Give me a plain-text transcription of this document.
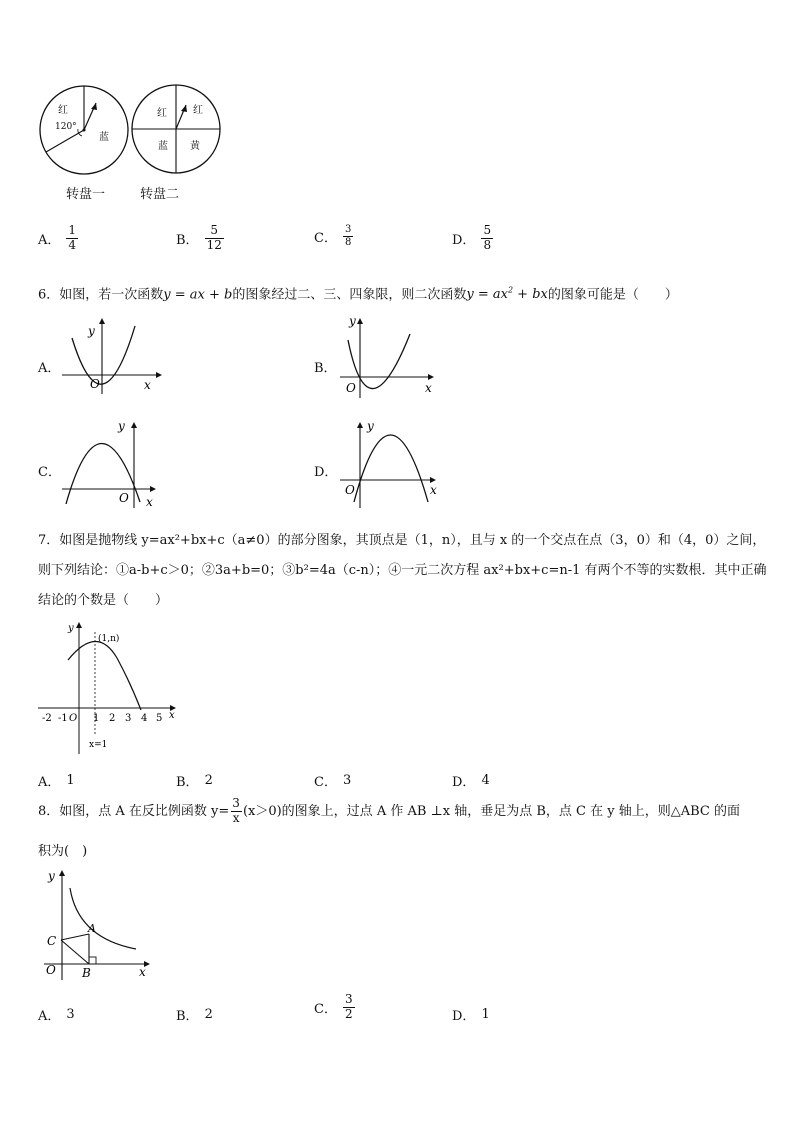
红
120°
蓝
转盘一
红	红
蓝 黄
转盘二
A． $\frac{1}{4}$	B． $\frac{5}{12}$	C． $\frac{3}{8}$	D． $\frac{5}{8}$
6．如图，若一次函数y = ax + b的图象经过二、三、四象限，则二次函数$y = ax^2$ + bx的图象可能是（　　）
A．
y
O	x
B．
y
O	x
C．
y
O x
D．
y
O	x
7．如图是抛物线 y=ax²+bx+c（a≠0）的部分图象，其顶点是（1，n），且与 x 的一个交点在点（3，0）和（4，0）之间，
则下列结论：①a-b+c＞0；②3a+b=0；③b²=4a（c-n）；④一元二次方程 ax²+bx+c=n-1 有两个不等的实数根．其中正确
结论的个数是（　　）
y
(1,n)
x
O
-2 -1	1 2 3 4 5
x=1
A． 1	B． 2	C． 3	D． 4
8．如图，点 A 在反比例函数 $y= \frac{3}{x} (x>0)$的图象上，过点 A 作 AB ⊥x 轴，垂足为点 B，点 C 在 y 轴上，则△ABC 的面
积为(　)
y
C
A
O B	x
A． 3	B． 2	C． $\frac{3}{2}$	D． 1
